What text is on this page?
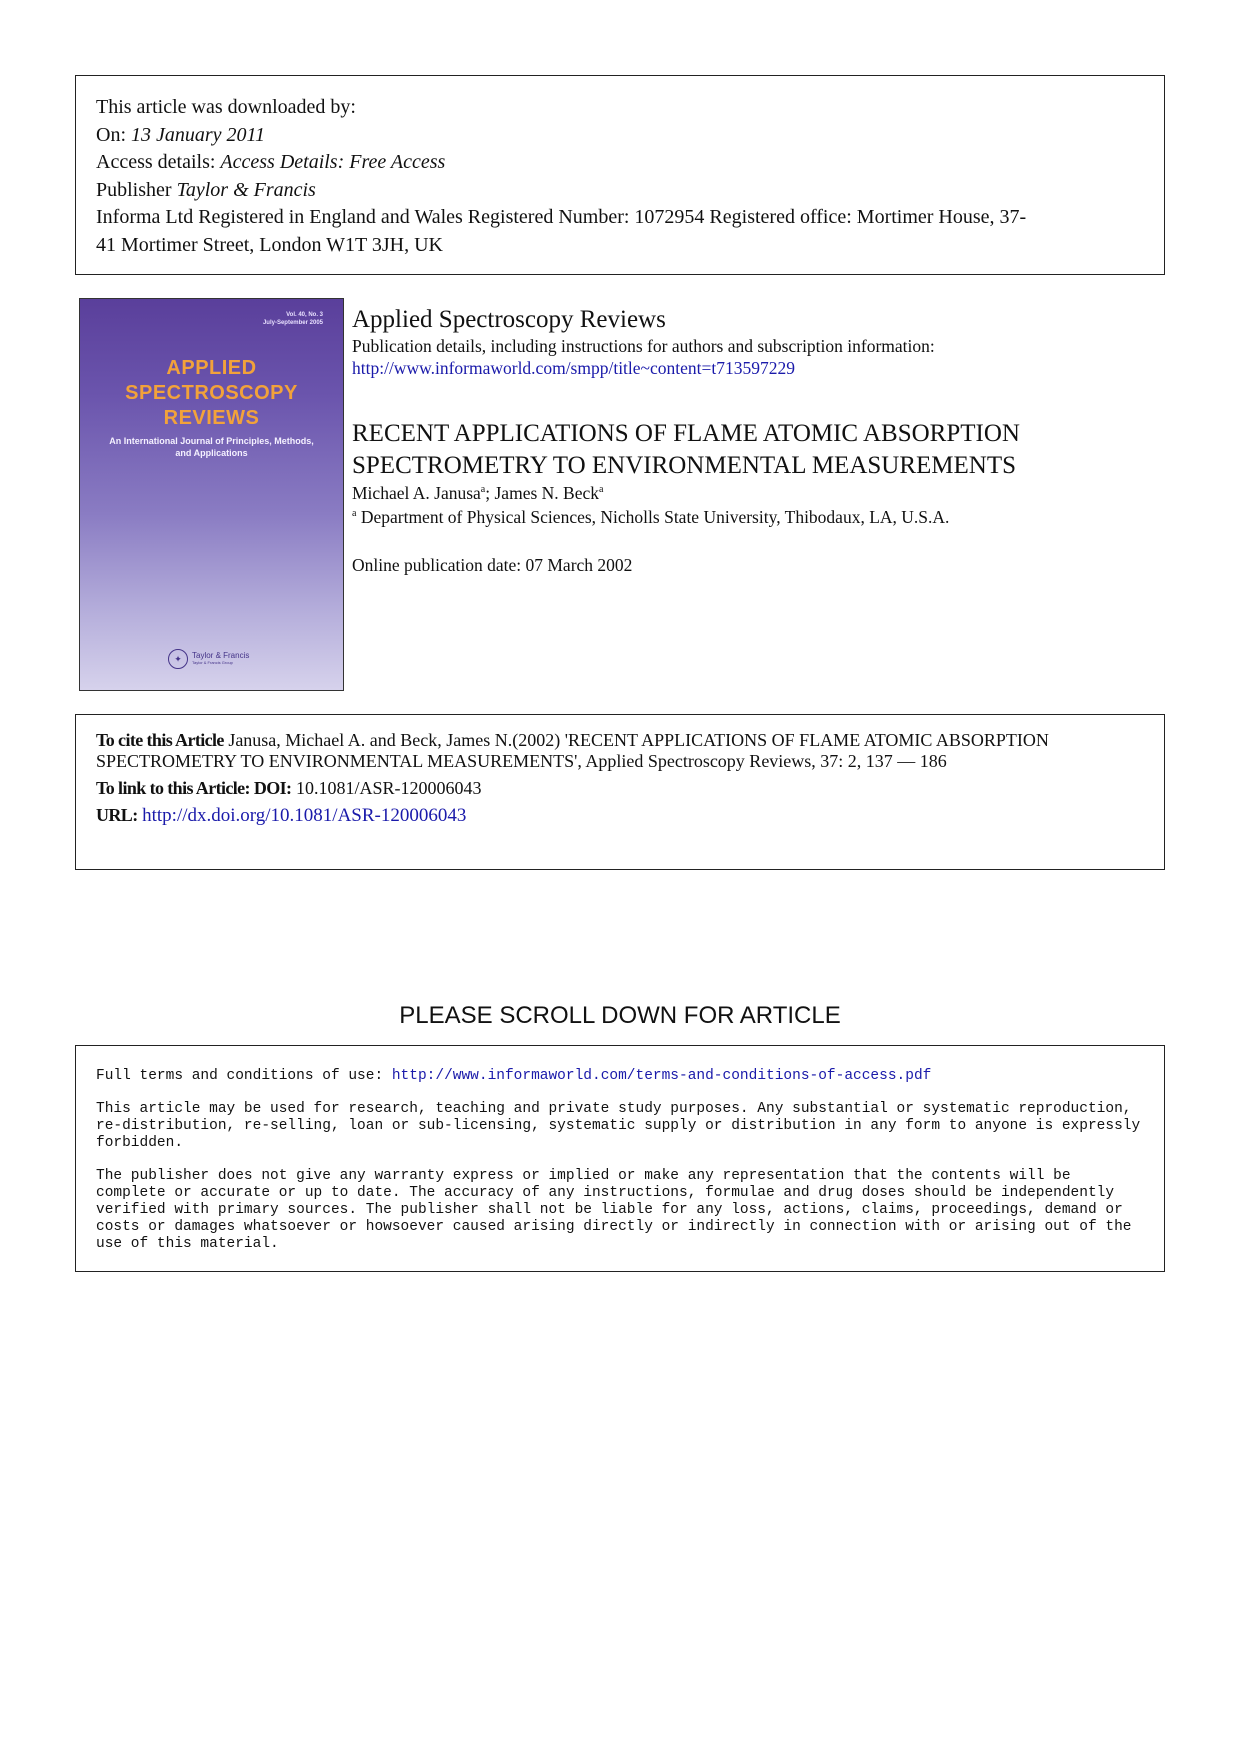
This article was downloaded by:
On: 13 January 2011
Access details: Access Details: Free Access
Publisher Taylor & Francis
Informa Ltd Registered in England and Wales Registered Number: 1072954 Registered office: Mortimer House, 37-
41 Mortimer Street, London W1T 3JH, UK
Vol. 40, No. 3
July-September 2005
APPLIED
SPECTROSCOPY
REVIEWS
An International Journal of Principles, Methods, and Applications
✦	Taylor & Francis
Taylor & Francis Group
Applied Spectroscopy Reviews
Publication details, including instructions for authors and subscription information:
http://www.informaworld.com/smpp/title~content=t713597229
RECENT APPLICATIONS OF FLAME ATOMIC ABSORPTION
SPECTROMETRY TO ENVIRONMENTAL MEASUREMENTS
Michael A. Janusa$^a$; James N. Beck$^a$
$^a$ Department of Physical Sciences, Nicholls State University, Thibodaux, LA, U.S.A.
Online publication date: 07 March 2002
To cite this Article Janusa, Michael A. and Beck, James N.(2002) 'RECENT APPLICATIONS OF FLAME ATOMIC ABSORPTION SPECTROMETRY TO ENVIRONMENTAL MEASUREMENTS', Applied Spectroscopy Reviews, 37: 2, 137 — 186
To link to this Article: DOI: 10.1081/ASR-120006043
URL: http://dx.doi.org/10.1081/ASR-120006043
PLEASE SCROLL DOWN FOR ARTICLE

Full terms and conditions of use: http://www.informaworld.com/terms-and-conditions-of-access.pdf

This article may be used for research, teaching and private study purposes. Any substantial or systematic reproduction, re-distribution, re-selling, loan or sub-licensing, systematic supply or distribution in any form to anyone is expressly forbidden.

The publisher does not give any warranty express or implied or make any representation that the contents will be complete or accurate or up to date. The accuracy of any instructions, formulae and drug doses should be independently verified with primary sources. The publisher shall not be liable for any loss, actions, claims, proceedings, demand or costs or damages whatsoever or howsoever caused arising directly or indirectly in connection with or arising out of the use of this material.
